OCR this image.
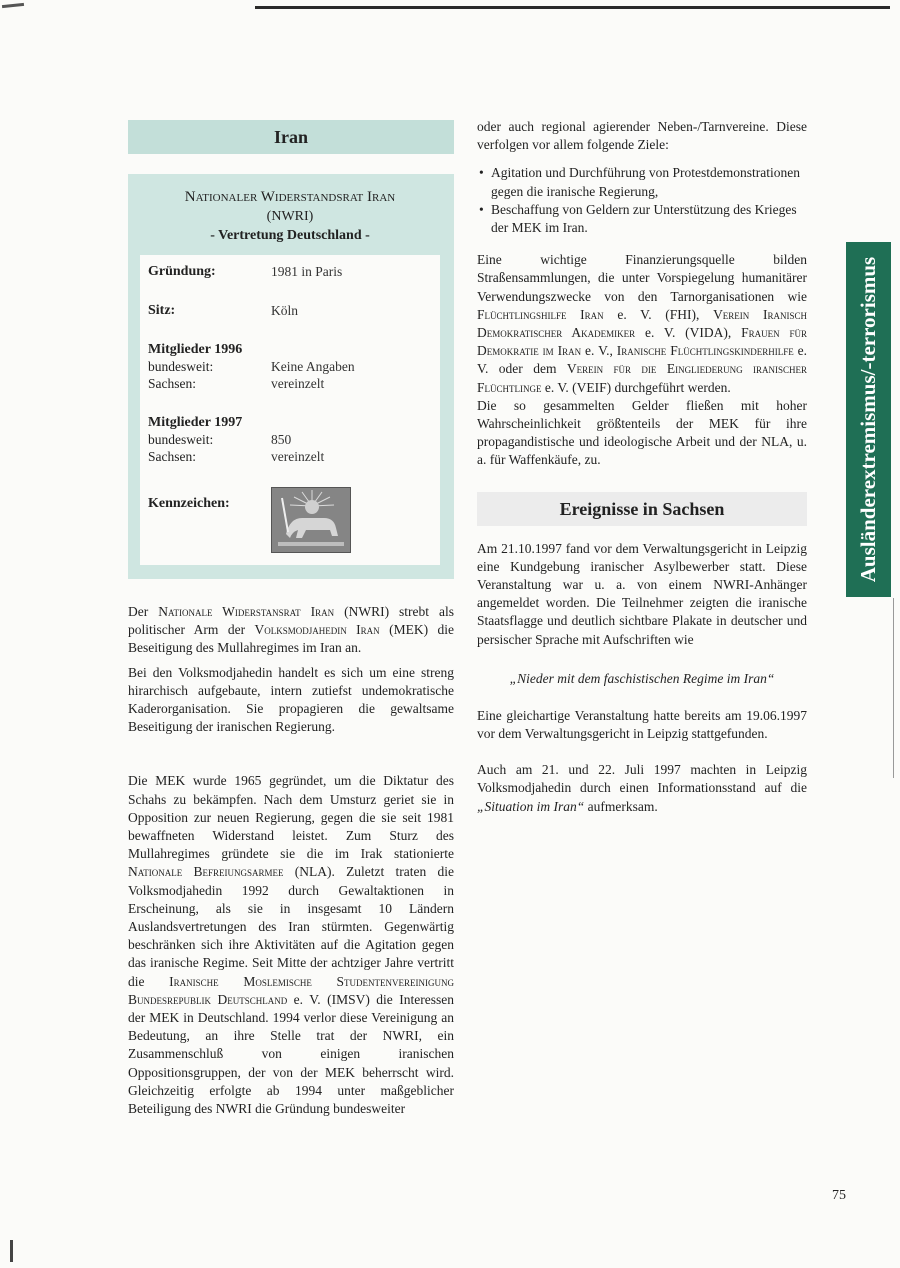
Iran
Nationaler Widerstandsrat Iran
(NWRI)
- Vertretung Deutschland -
Gründung:	1981 in Paris
Sitz:	Köln
Mitglieder 1996
bundesweit:	Keine Angaben
Sachsen:	vereinzelt
Mitglieder 1997
bundesweit:	850
Sachsen:	vereinzelt
Kennzeichen:

Der Nationale Widerstansrat Iran (NWRI) strebt als politischer Arm der Volksmodjahedin Iran (MEK) die Beseitigung des Mullahregimes im Iran an.

Bei den Volksmodjahedin handelt es sich um eine streng hirarchisch aufgebaute, intern zutiefst undemokratische Kaderorganisation. Sie propagieren die gewaltsame Beseitigung der iranischen Regierung.

Die MEK wurde 1965 gegründet, um die Diktatur des Schahs zu bekämpfen. Nach dem Umsturz geriet sie in Opposition zur neuen Regierung, gegen die sie seit 1981 bewaffneten Widerstand leistet. Zum Sturz des Mullahregimes gründete sie die im Irak stationierte Nationale Befreiungsarmee (NLA). Zuletzt traten die Volksmodjahedin 1992 durch Gewaltaktionen in Erscheinung, als sie in insgesamt 10 Ländern Auslandsvertretungen des Iran stürmten. Gegenwärtig beschränken sich ihre Aktivitäten auf die Agitation gegen das iranische Regime. Seit Mitte der achtziger Jahre vertritt die Iranische Moslemische Studentenvereinigung Bundesrepublik Deutschland e. V. (IMSV) die Interessen der MEK in Deutschland. 1994 verlor diese Vereinigung an Bedeutung, an ihre Stelle trat der NWRI, ein Zusammenschluß von einigen iranischen Oppositionsgruppen, der von der MEK beherrscht wird. Gleichzeitig erfolgte ab 1994 unter maßgeblicher Beteiligung des NWRI die Gründung bundesweiter

oder auch regional agierender Neben-/Tarnvereine. Diese verfolgen vor allem folgende Ziele:

• Agitation und Durchführung von Protestdemonstrationen gegen die iranische Regierung,
• Beschaffung von Geldern zur Unterstützung des Krieges der MEK im Iran.

Eine wichtige Finanzierungsquelle bilden Straßensammlungen, die unter Vorspiegelung humanitärer Verwendungszwecke von den Tarnorganisationen wie Flüchtlingshilfe Iran e. V. (FHI), Verein Iranisch Demokratischer Akademiker e. V. (VIDA), Frauen für Demokratie im Iran e. V., Iranische Flüchtlingskinderhilfe e. V. oder dem Verein für die Eingliederung iranischer Flüchtlinge e. V. (VEIF) durchgeführt werden.

Die so gesammelten Gelder fließen mit hoher Wahrscheinlichkeit größtenteils der MEK für ihre propagandistische und ideologische Arbeit und der NLA, u. a. für Waffenkäufe, zu.

Ereignisse in Sachsen

Am 21.10.1997 fand vor dem Verwaltungsgericht in Leipzig eine Kundgebung iranischer Asylbewerber statt. Diese Veranstaltung war u. a. von einem NWRI-Anhänger angemeldet worden. Die Teilnehmer zeigten die iranische Staatsflagge und deutlich sichtbare Plakate in deutscher und persischer Sprache mit Aufschriften wie

„Nieder mit dem faschistischen Regime im Iran“

Eine gleichartige Veranstaltung hatte bereits am 19.06.1997 vor dem Verwaltungsgericht in Leipzig stattgefunden.

Auch am 21. und 22. Juli 1997 machten in Leipzig Volksmodjahedin durch einen Informationsstand auf die „Situation im Iran“ aufmerksam.

Ausländerextremismus/-terrorismus
75
